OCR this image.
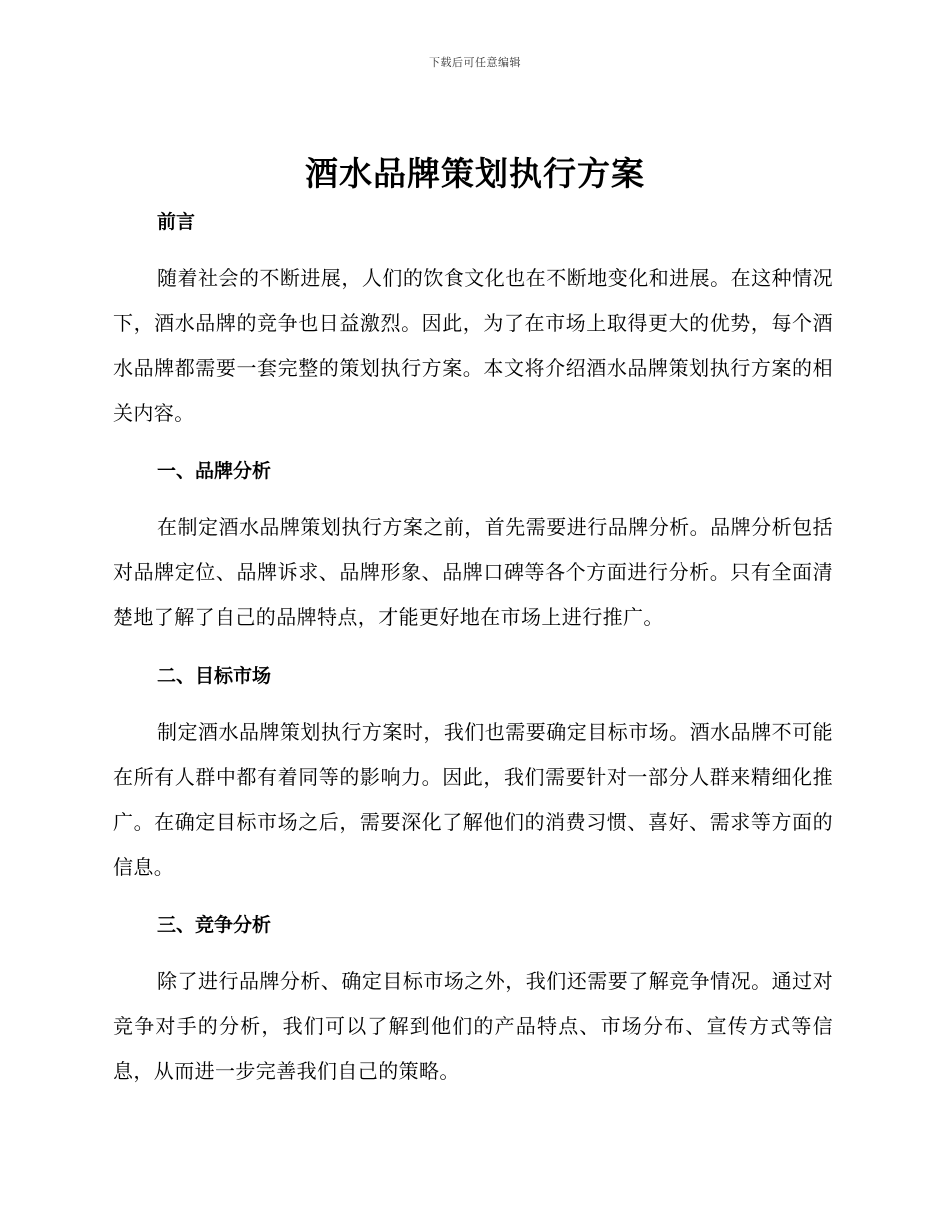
下载后可任意编辑
酒水品牌策划执行方案
前言
随着社会的不断进展，人们的饮食文化也在不断地变化和进展。在这种情况下，酒水品牌的竞争也日益激烈。因此，为了在市场上取得更大的优势，每个酒水品牌都需要一套完整的策划执行方案。本文将介绍酒水品牌策划执行方案的相关内容。
一、品牌分析
在制定酒水品牌策划执行方案之前，首先需要进行品牌分析。品牌分析包括对品牌定位、品牌诉求、品牌形象、品牌口碑等各个方面进行分析。只有全面清楚地了解了自己的品牌特点，才能更好地在市场上进行推广。
二、目标市场
制定酒水品牌策划执行方案时，我们也需要确定目标市场。酒水品牌不可能在所有人群中都有着同等的影响力。因此，我们需要针对一部分人群来精细化推广。在确定目标市场之后，需要深化了解他们的消费习惯、喜好、需求等方面的信息。
三、竞争分析
除了进行品牌分析、确定目标市场之外，我们还需要了解竞争情况。通过对竞争对手的分析，我们可以了解到他们的产品特点、市场分布、宣传方式等信息，从而进一步完善我们自己的策略。
